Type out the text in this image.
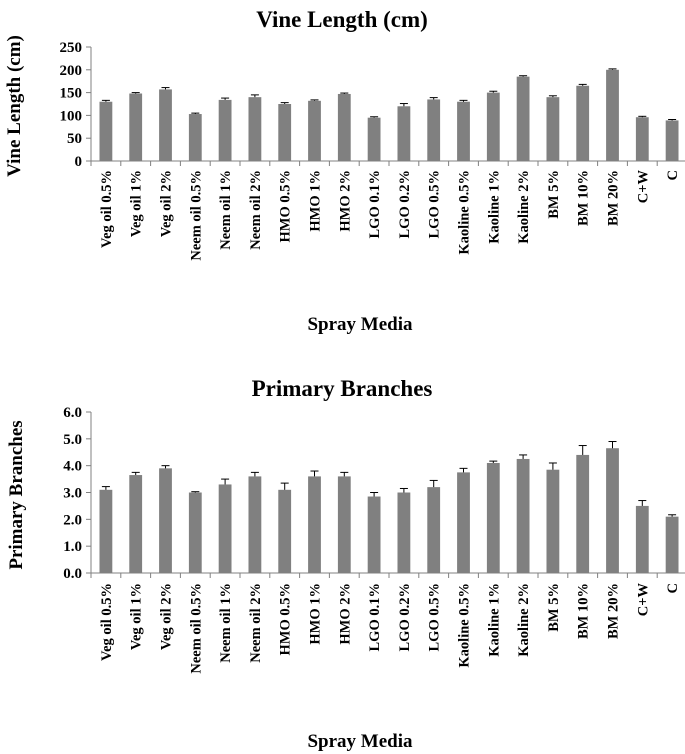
Vine Length (cm)
Vine Length (cm)
Spray Media
0
50
100
150
200
250
Veg oil 0.5% Veg oil 1% Veg oil 2% Neem oil 0.5% Neem oil 1% Neem oil 2% HMO 0.5% HMO 1% HMO 2% LGO 0.1% LGO 0.2% LGO 0.5% Kaoline 0.5% Kaoline 1% Kaoline 2% BM 5% BM 10% BM 20% C+W C
Primary Branches
Primary Branches
Spray Media
0.0
1.0
2.0
3.0
4.0
5.0
6.0
Veg oil 0.5% Veg oil 1% Veg oil 2% Neem oil 0.5% Neem oil 1% Neem oil 2% HMO 0.5% HMO 1% HMO 2% LGO 0.1% LGO 0.2% LGO 0.5% Kaoline 0.5% Kaoline 1% Kaoline 2% BM 5% BM 10% BM 20% C+W C
